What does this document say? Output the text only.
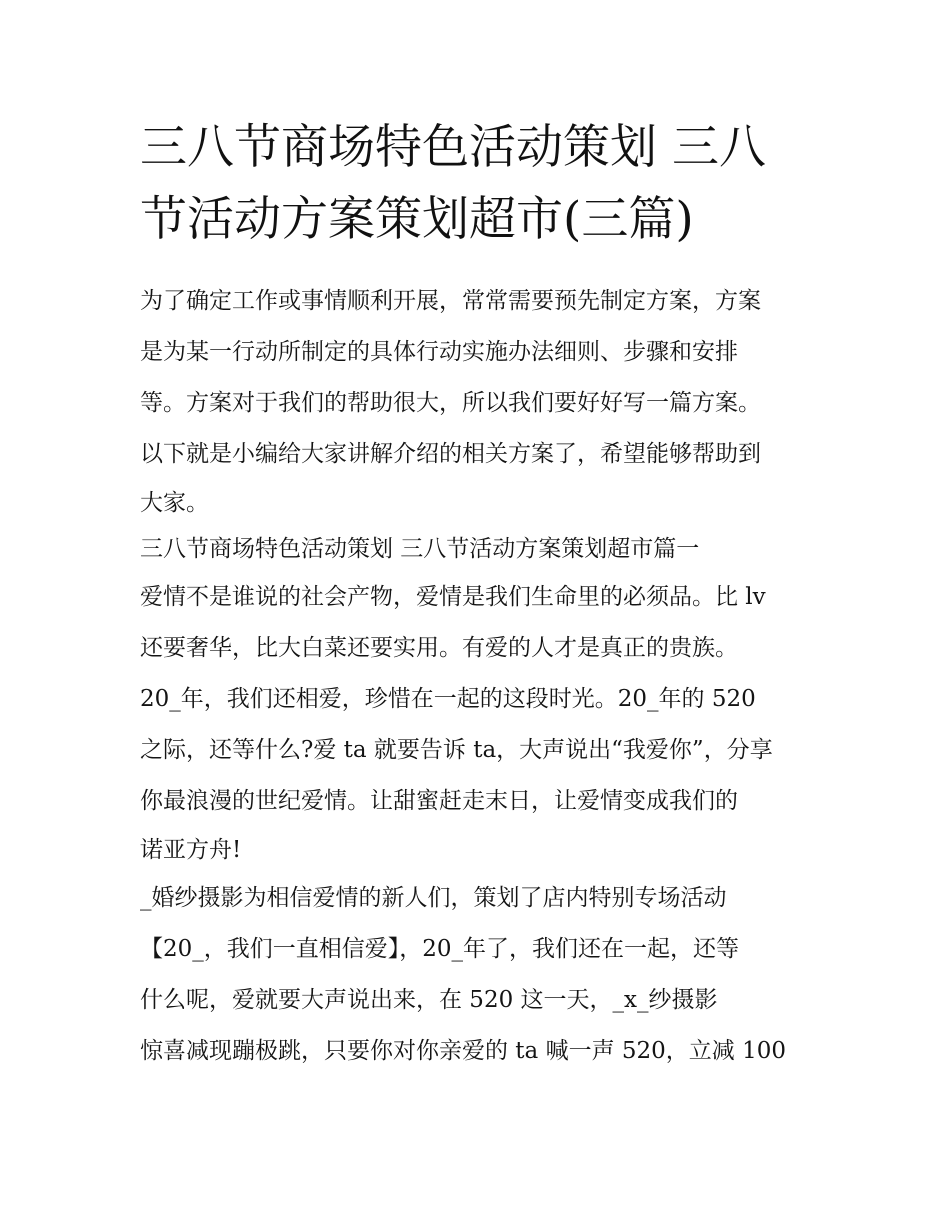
三八节商场特色活动策划 三八
节活动方案策划超市(三篇)
为了确定工作或事情顺利开展，常常需要预先制定方案，方案
是为某一行动所制定的具体行动实施办法细则、步骤和安排
等。方案对于我们的帮助很大，所以我们要好好写一篇方案。
以下就是小编给大家讲解介绍的相关方案了，希望能够帮助到
大家。
三八节商场特色活动策划 三八节活动方案策划超市篇一
爱情不是谁说的社会产物，爱情是我们生命里的必须品。比 lv
还要奢华，比大白菜还要实用。有爱的人才是真正的贵族。
20_年，我们还相爱，珍惜在一起的这段时光。20_年的 520
之际，还等什么?爱 ta 就要告诉 ta，大声说出“我爱你”，分享
你最浪漫的世纪爱情。让甜蜜赶走末日，让爱情变成我们的
诺亚方舟!
_婚纱摄影为相信爱情的新人们，策划了店内特别专场活动
【20_，我们一直相信爱】，20_年了，我们还在一起，还等
什么呢，爱就要大声说出来，在 520 这一天，_x_纱摄影
惊喜减现蹦极跳，只要你对你亲爱的 ta 喊一声 520，立减 100
